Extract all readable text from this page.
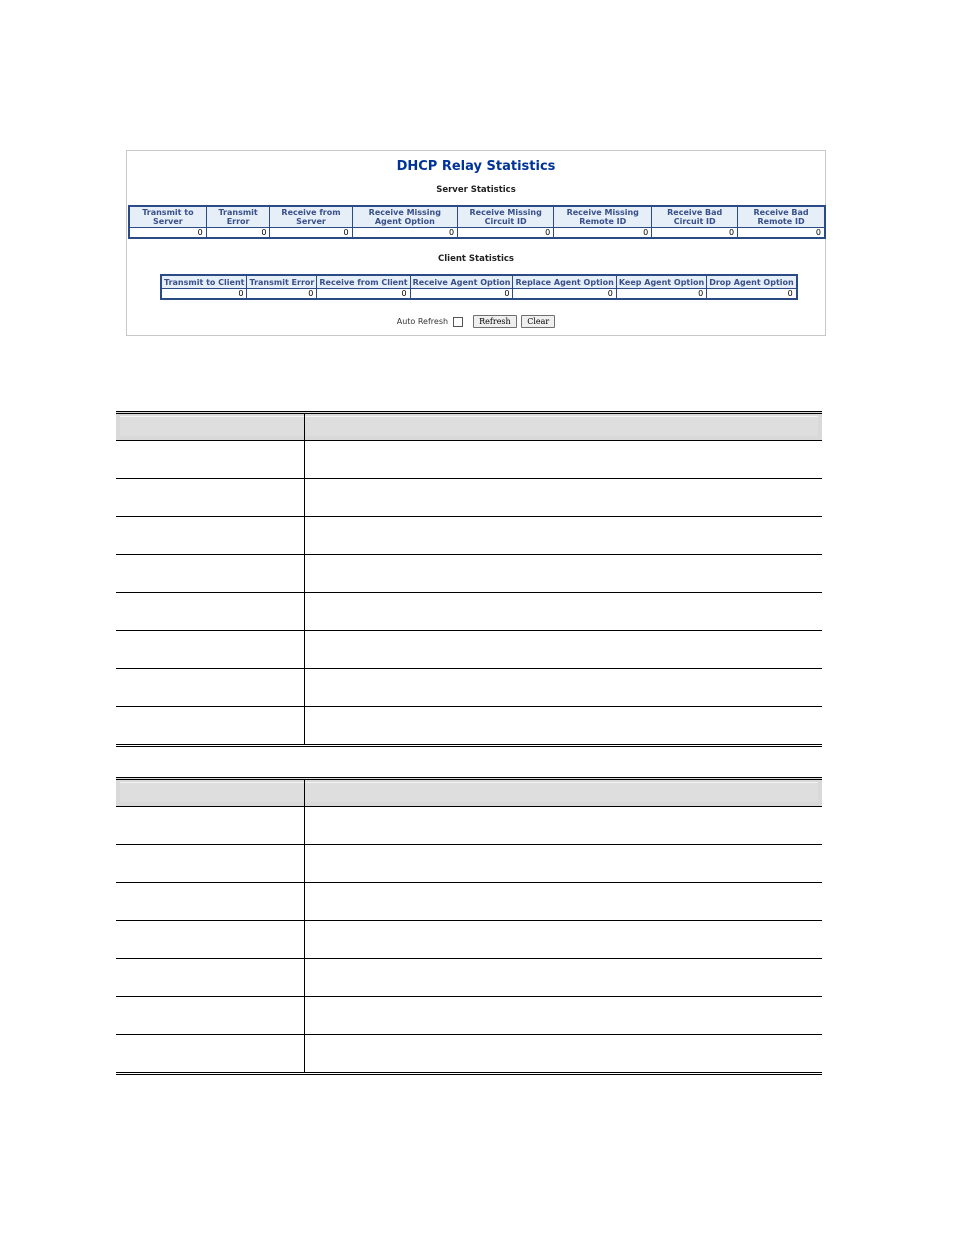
DHCP Relay Statistics
Server Statistics
Transmit to Server	Transmit Error	Receive from Server	Receive Missing Agent Option	Receive Missing Circuit ID	Receive Missing Remote ID	Receive Bad Circuit ID	Receive Bad Remote ID
0	0	0	0	0	0	0	0
Client Statistics
Transmit to Client	Transmit Error	Receive from Client	Receive Agent Option	Replace Agent Option	Keep Agent Option	Drop Agent Option
0	0	0	0	0	0	0
Auto Refresh	Refresh Clear
